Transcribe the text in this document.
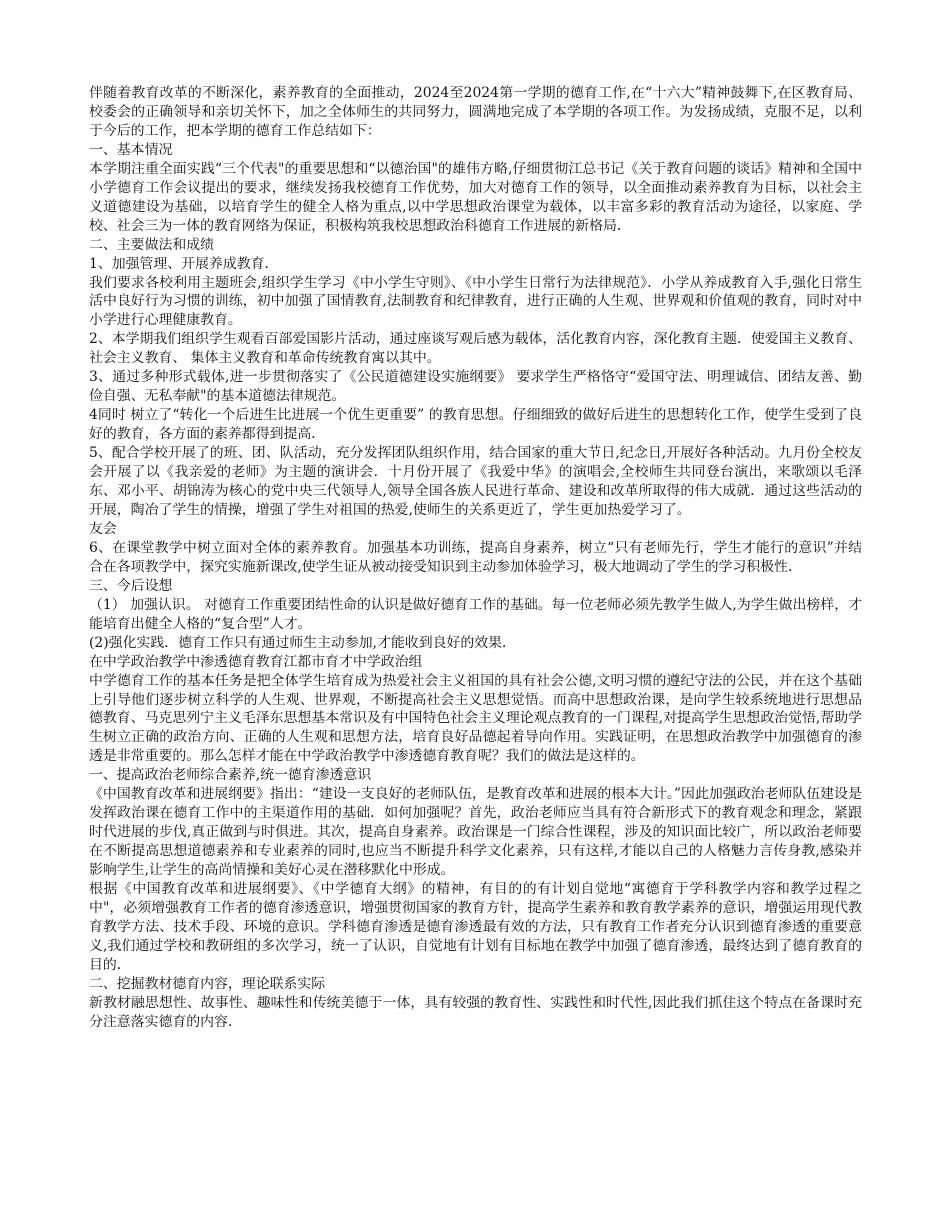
伴随着教育改革的不断深化，素养教育的全面推动，2024至2024第一学期的德育工作,在“十六大”精神鼓舞下,在区教育局、校委会的正确领导和亲切关怀下，加之全体师生的共同努力，圆满地完成了本学期的各项工作。为发扬成绩，克服不足，以利于今后的工作，把本学期的德育工作总结如下：

一、基本情况

本学期注重全面实践“三个代表"的重要思想和“以德治国"的雄伟方略,仔细贯彻江总书记《关于教育问题的谈话》精神和全国中小学德育工作会议提出的要求，继续发扬我校德育工作优势，加大对德育工作的领导，以全面推动素养教育为目标，以社会主义道德建设为基础，以培育学生的健全人格为重点,以中学思想政治课堂为载体，以丰富多彩的教育活动为途径，以家庭、学校、社会三为一体的教育网络为保证，积极构筑我校思想政治科德育工作进展的新格局．

二、主要做法和成绩

1、加强管理、开展养成教育．

我们要求各校利用主题班会,组织学生学习《中小学生守则》、《中小学生日常行为法律规范》．小学从养成教育入手,强化日常生活中良好行为习惯的训练，初中加强了国情教育,法制教育和纪律教育，进行正确的人生观、世界观和价值观的教育，同时对中小学进行心理健康教育。

2、本学期我们组织学生观看百部爱国影片活动，通过座谈写观后感为载体，活化教育内容，深化教育主题．使爱国主义教育、社会主义教育、 集体主义教育和革命传统教育寓以其中。

3、通过多种形式载体,进一步贯彻落实了《公民道德建设实施纲要》 要求学生严格恪守“爱国守法、明理诚信、团结友善、勤俭自强、无私奉献"的基本道德法律规范。

4同时 树立了“转化一个后进生比进展一个优生更重要” 的教育思想。仔细细致的做好后进生的思想转化工作，使学生受到了良好的教育，各方面的素养都得到提高．

5、配合学校开展了的班、团、队活动，充分发挥团队组织作用，结合国家的重大节日,纪念日,开展好各种活动。九月份全校友会开展了以《我亲爱的老师》为主题的演讲会．十月份开展了《我爱中华》的演唱会,全校师生共同登台演出，来歌颂以毛泽东、邓小平、胡锦涛为核心的党中央三代领导人,领导全国各族人民进行革命、建设和改革所取得的伟大成就．通过这些活动的开展，陶冶了学生的情操，增强了学生对祖国的热爱,使师生的关系更近了，学生更加热爱学习了。

友会

6、在课堂教学中树立面对全体的素养教育。加强基本功训练，提高自身素养，树立“只有老师先行，学生才能行的意识”并结合在各项教学中，探究实施新课改,使学生证从被动接受知识到主动参加体验学习，极大地调动了学生的学习积极性．

三、今后设想

（1） 加强认识。 对德育工作重要团结性命的认识是做好德育工作的基础。每一位老师必须先教学生做人,为学生做出榜样，才能培育出健全人格的“复合型”人才。

(2)强化实践．德育工作只有通过师生主动参加,才能收到良好的效果．

在中学政治教学中渗透德育教育江都市育才中学政治组

中学德育工作的基本任务是把全体学生培育成为热爱社会主义祖国的具有社会公德,文明习惯的遵纪守法的公民，并在这个基础上引导他们逐步树立科学的人生观、世界观，不断提高社会主义思想觉悟。而高中思想政治课，是向学生较系统地进行思想品德教育、马克思列宁主义毛泽东思想基本常识及有中国特色社会主义理论观点教育的一门课程,对提高学生思想政治觉悟,帮助学生树立正确的政治方向、正确的人生观和思想方法，培育良好品德起着导向作用。实践证明，在思想政治教学中加强德育的渗透是非常重要的。那么怎样才能在中学政治教学中渗透德育教育呢？我们的做法是这样的。

一、提高政治老师综合素养,统一德育渗透意识

《中国教育改革和进展纲要》指出：“建设一支良好的老师队伍，是教育改革和进展的根本大计。”因此加强政治老师队伍建设是发挥政治课在德育工作中的主渠道作用的基础．如何加强呢？首先，政治老师应当具有符合新形式下的教育观念和理念，紧跟时代进展的步伐,真正做到与时俱进。其次，提高自身素养。政治课是一门综合性课程，涉及的知识面比较广，所以政治老师要在不断提高思想道德素养和专业素养的同时,也应当不断提升科学文化素养，只有这样,才能以自己的人格魅力言传身教,感染并影响学生,让学生的高尚情操和美好心灵在潜移默化中形成。

根据《中国教育改革和进展纲要》、《中学德育大纲》的精神，有目的的有计划自觉地“寓德育于学科教学内容和教学过程之中"，必须增强教育工作者的德育渗透意识，增强贯彻国家的教育方针，提高学生素养和教育教学素养的意识，增强运用现代教育教学方法、技术手段、环境的意识。学科德育渗透是德育渗透最有效的方法，只有教育工作者充分认识到德育渗透的重要意义,我们通过学校和教研组的多次学习，统一了认识，自觉地有计划有目标地在教学中加强了德育渗透，最终达到了德育教育的目的．

二、挖掘教材德育内容，理论联系实际

新教材融思想性、故事性、趣味性和传统美德于一体，具有较强的教育性、实践性和时代性,因此我们抓住这个特点在备课时充分注意落实德育的内容．
